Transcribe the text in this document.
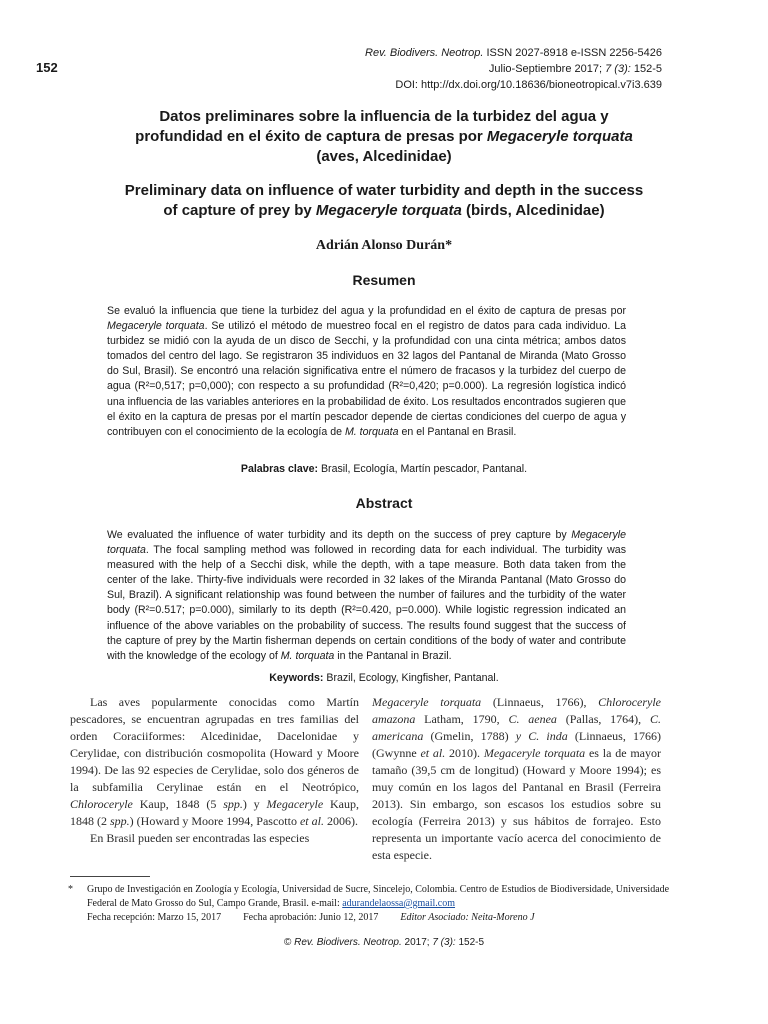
152
Rev. Biodivers. Neotrop. ISSN 2027-8918 e-ISSN 2256-5426
Julio-Septiembre 2017; 7 (3): 152-5
DOI: http://dx.doi.org/10.18636/bioneotropical.v7i3.639
Datos preliminares sobre la influencia de la turbidez del agua y
profundidad en el éxito de captura de presas por Megaceryle torquata
(aves, Alcedinidae)
Preliminary data on influence of water turbidity and depth in the success
of capture of prey by Megaceryle torquata (birds, Alcedinidae)
Adrián Alonso Durán*
Resumen
Se evaluó la influencia que tiene la turbidez del agua y la profundidad en el éxito de captura de presas por Megaceryle torquata. Se utilizó el método de muestreo focal en el registro de datos para cada individuo. La turbidez se midió con la ayuda de un disco de Secchi, y la profundidad con una cinta métrica; ambos datos tomados del centro del lago. Se registraron 35 individuos en 32 lagos del Pantanal de Miranda (Mato Grosso do Sul, Brasil). Se encontró una relación significativa entre el número de fracasos y la turbidez del cuerpo de agua (R²=0,517; p=0,000); con respecto a su profundidad (R²=0,420; p=0.000). La regresión logística indicó una influencia de las variables anteriores en la probabilidad de éxito. Los resultados encontrados sugieren que el éxito en la captura de presas por el martín pescador depende de ciertas condiciones del cuerpo de agua y contribuyen con el conocimiento de la ecología de M. torquata en el Pantanal en Brasil.
Palabras clave: Brasil, Ecología, Martín pescador, Pantanal.
Abstract
We evaluated the influence of water turbidity and its depth on the success of prey capture by Megaceryle torquata. The focal sampling method was followed in recording data for each individual. The turbidity was measured with the help of a Secchi disk, while the depth, with a tape measure. Both data taken from the center of the lake. Thirty-five individuals were recorded in 32 lakes of the Miranda Pantanal (Mato Grosso do Sul, Brazil). A significant relationship was found between the number of failures and the turbidity of the water body (R²=0.517; p=0.000), similarly to its depth (R²=0.420, p=0.000). While logistic regression indicated an influence of the above variables on the probability of success. The results found suggest that the success of the capture of prey by the Martin fisherman depends on certain conditions of the body of water and contribute with the knowledge of the ecology of M. torquata in the Pantanal in Brazil.
Keywords: Brazil, Ecology, Kingfisher, Pantanal.

Las aves popularmente conocidas como Martín pescadores, se encuentran agrupadas en tres familias del orden Coraciiformes: Alcedinidae, Dacelonidae y Cerylidae, con distribución cosmopolita (Howard y Moore 1994). De las 92 especies de Cerylidae, solo dos géneros de la subfamilia Cerylinae están en el Neotrópico, Chloroceryle Kaup, 1848 (5 spp.) y Megaceryle Kaup, 1848 (2 spp.) (Howard y Moore 1994, Pascotto et al. 2006).

En Brasil pueden ser encontradas las especies

Megaceryle torquata (Linnaeus, 1766), Chloroceryle amazona Latham, 1790, C. aenea (Pallas, 1764), C. americana (Gmelin, 1788) y C. inda (Linnaeus, 1766) (Gwynne et al. 2010). Megaceryle torquata es la de mayor tamaño (39,5 cm de longitud) (Howard y Moore 1994); es muy común en los lagos del Pantanal en Brasil (Ferreira 2013). Sin embargo, son escasos los estudios sobre su ecología (Ferreira 2013) y sus hábitos de forrajeo. Esto representa un importante vacío acerca del conocimiento de esta especie.

* Grupo de Investigación en Zoología y Ecología, Universidad de Sucre, Sincelejo, Colombia. Centro de Estudios de Biodiversidade, Universidade Federal de Mato Grosso do Sul, Campo Grande, Brasil. e-mail: adurandelaossa@gmail.com
Fecha recepción: Marzo 15, 2017 Fecha aprobación: Junio 12, 2017 Editor Asociado: Neita-Moreno J
© Rev. Biodivers. Neotrop. 2017; 7 (3): 152-5
